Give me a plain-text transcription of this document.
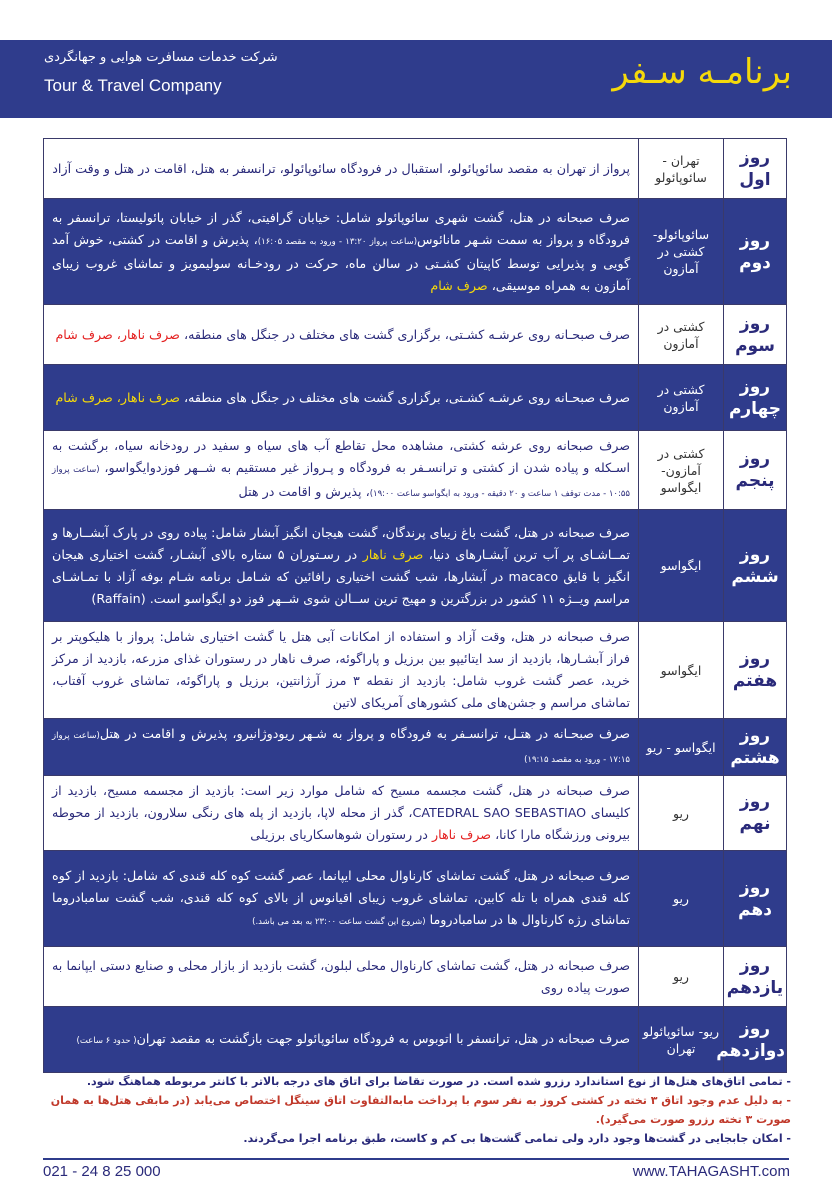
برنامـه سـفر
شرکت خدمات مسافرت هوایی و جهانگردی
Tour & Travel Company
روز اول	تهران - سائوپائولو	پرواز از تهران به مقصد سائوپائولو، استقبال در فرودگاه سائوپائولو، ترانسفر به هتل، اقامت در هتل و وقت آزاد
روز دوم	سائوپائولو- کشتی در آمازون	صرف صبحانه در هتل، گشت شهری سائوپائولو شامل: خیابان گرافیتی، گذر از خیابان پائولیستا، ترانسفر به فرودگاه و پرواز به سمت شـهر مانائوس(ساعت پرواز ۱۳:۲۰ - ورود به مقصد ۱۶:۰۵)، پذیرش و اقامت در کشتی، خوش آمد گویی و پذیرایی توسط کاپیتان کشـتی در سالن ماه، حرکت در رودخـانه سولیمویز و تماشای غروب زیبای آمازون به همراه موسیقی، صرف شام
روز سوم	کشتی در آمازون	صرف صبحـانه روی عرشـه کشـتی، برگزاری گشت های مختلف در جنگل های منطقه، صرف ناهار، صرف شام
روز چهارم	کشتی در آمازون	صرف صبحـانه روی عرشـه کشـتی، برگزاری گشت های مختلف در جنگل های منطقه، صرف ناهار، صرف شام
روز پنجم	کشتی در آمازون- ایگواسو	صرف صبحانه روی عرشه کشتی، مشاهده محل تقاطع آب های سیاه و سفید در رودخانه سیاه، برگشت به اسـکله و پیاده شدن از کشتی و ترانسـفر به فرودگاه و پـرواز غیر مستقیم به شــهر فوزدوایگواسو، (ساعت پرواز ۱۰:۵۵ - مدت توقف ۱ ساعت و ۲۰ دقیقه - ورود به ایگواسو ساعت ۱۹:۰۰)، پذیرش و اقامت در هتل
روز ششم	ایگواسو	صرف صبحانه در هتل، گشت باغ زیبای پرندگان، گشت هیجان انگیز آبشار شامل: پیاده روی در پارک آبشــارها و تمــاشـای پر آب ترین آبشـارهای دنیا، صرف ناهار در رسـتوران ۵ ستاره بالای آبشـار، گشت اختیاری هیجان انگیز با قایق macaco در آبشارها، شب گشت اختیاری رافائین که شـامل برنامه شـام بوفه آزاد با تمـاشـای مراسم ویــژه ۱۱ کشور در بزرگترین و مهیج ترین ســالن شوی شــهر فوز دو ایگواسو است. (Raffain)
روز هفتم	ایگواسو	صرف صبحانه در هتل، وقت آزاد و استفاده از امکانات آبی هتل یا گشت اختیاری شامل: پرواز با هلیکوپتر بر فراز آبشـارها، بازدید از سد ایتائیپو بین برزیل و پاراگوئه، صرف ناهار در رستوران غذای مزرعه، بازدید از مرکز خرید، عصر گشت غروب شامل: بازدید از نقطه ۳ مرز آرژانتین، برزیل و پاراگوئه، تماشای غروب آفتاب، تماشای مراسم و جشن‌های ملی کشورهای آمریکای لاتین
روز هشتم	ایگواسو - ریو	صرف صبحـانه در هتـل، ترانسـفر به فرودگاه و پرواز به شـهر ریودوژانیرو، پذیرش و اقامت در هتل(ساعت پرواز ۱۷:۱۵ - ورود به مقصد ۱۹:۱۵)
روز نهم	ریو	صرف صبحانه در هتل، گشت مجسمه مسیح که شامل موارد زیر است: بازدید از مجسمه مسیح، بازدید از کلیسای CATEDRAL SAO SEBASTIAO، گذر از محله لاپا، بازدید از پله های رنگی سلارون، بازدید از محوطه بیرونی ورزشگاه مارا کانا، صرف ناهار در رستوران شوهاسکاریای برزیلی
روز دهم	ریو	صرف صبحانه در هتل، گشت تماشای کارناوال محلی ایپانما، عصر گشت کوه کله قندی که شامل: بازدید از کوه کله قندی همراه با تله کابین، تماشای غروب زیبای اقیانوس از بالای کوه کله قندی، شب گشت سامبادروما تماشای رژه کارناوال ها در سامبادروما (شروع این گشت ساعت ۲۳:۰۰ به بعد می باشد.)
روز یازدهم	ریو	صرف صبحانه در هتل، گشت تماشای کارناوال محلی لبلون، گشت بازدید از بازار محلی و صنایع دستی ایپانما به صورت پیاده روی
روز دوازدهم	ریو- سائوپائولو تهران	صرف صبحانه در هتل، ترانسفر با اتوبوس به فرودگاه سائوپائولو جهت بازگشت به مقصد تهران( حدود ۶ ساعت)
- تمامی اتاق‌های هتل‌ها از نوع استاندارد رزرو شده است. در صورت تقاضا برای اتاق های درجه بالاتر با کانتر مربوطه هماهنگ شود.
- به دلیل عدم وجود اتاق ۳ تخته در کشتی کروز به نفر سوم با پرداخت مابه‌التفاوت اتاق سینگل اختصاص می‌یابد (در مابقی هتل‌ها به همان صورت ۳ تخته رزرو صورت می‌گیرد).
- امکان جابجایی در گشت‌ها وجود دارد ولی تمامی گشت‌ها بی کم و کاست، طبق برنامه اجرا می‌گردند.
021 - 24 8 25 000	www.TAHAGASHT.com
